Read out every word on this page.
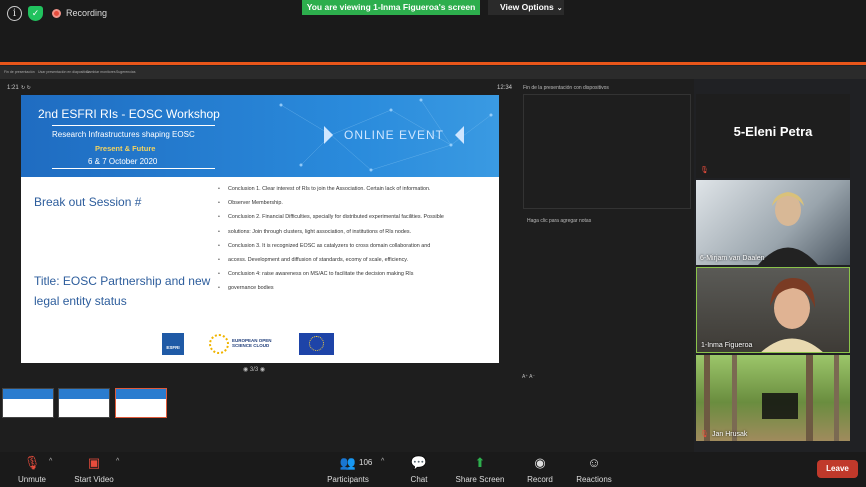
i	✓	Recording
You are viewing 1-Inma Figueroa's screen	View Options ⌄
Fin de presentación Usar presentación en diapositiva
Cambiar monitores Sugerencias
1:21 ↻ ↻	12:34
2nd ESFRI RIs - EOSC Workshop
Research Infrastructures shaping EOSC
Present & Future
6 & 7 October 2020
ONLINE EVENT
Break out Session #
Title: EOSC Partnership and new legal entity status
• Conclusion 1. Clear interest of RIs to join the Association. Certain lack of information.
• Observer Membership.
• Conclusion 2. Financial Difficulties, specially for distributed experimental facilities. Possible
• solutions: Join through clusters, light association, of institutions of RIs nodes.
• Conclusion 3. It is recognized EOSC as catalyzers to cross domain collaboration and
• access. Development and diffusion of standards, ecomy of scale, efficiency.
• Conclusion 4: raise awareness on MS/AC to facilitate the decision making RIs
• governance bodies
ESFRI
EUROPEAN OPEN SCIENCE CLOUD
◉ 3/3 ◉
Fin de la presentación con dispositivos
Haga clic para agregar notas
A⁺ A⁻
5-Eleni Petra
🎙
6-Mirjam van Daalen
1-Inma Figueroa
🎙 Jan Hrusak
🎙
Unmute
^	▣
Start Video
^	👥
Participants
106 ^	💬
Chat
⬆
Share Screen
◉
Record
☺
Reactions
Leave
